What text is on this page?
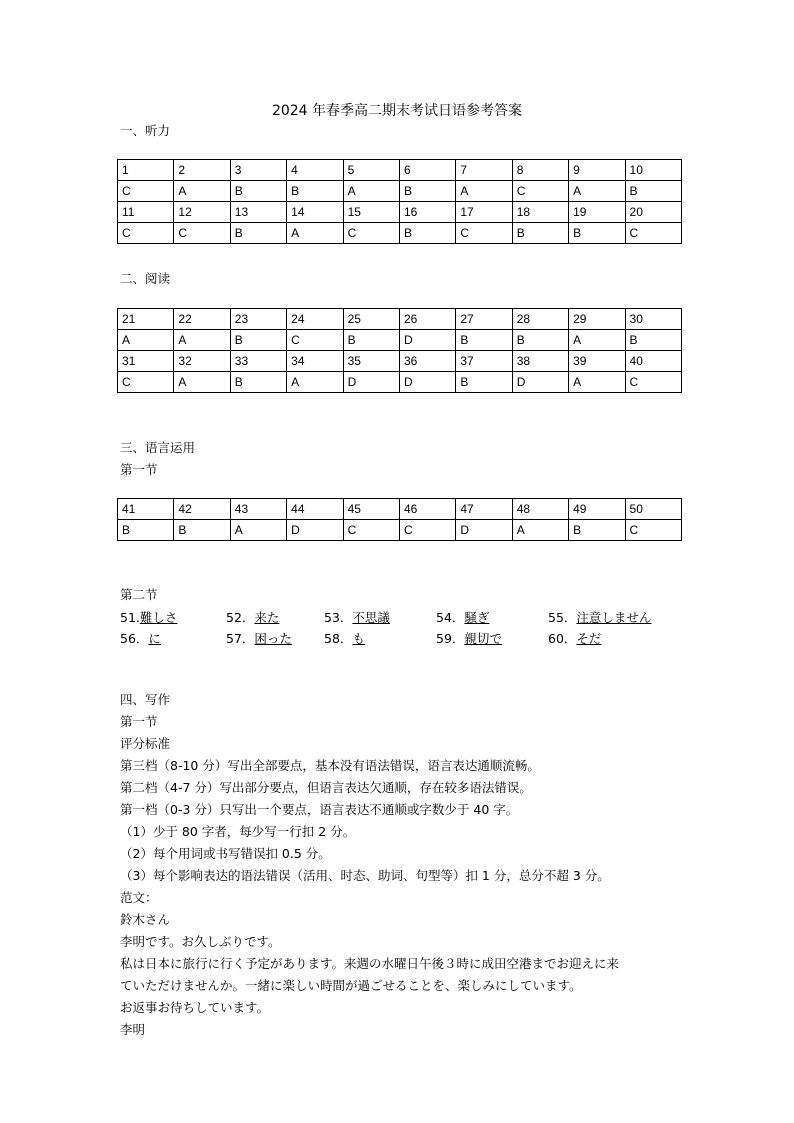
2024 年春季高二期末考试日语参考答案
一、听力
1	2	3	4	5	6	7	8	9	10
C	A	B	B	A	B	A	C	A	B
11	12	13	14	15	16	17	18	19	20
C	C	B	A	C	B	C	B	B	C
二、阅读
21	22	23	24	25	26	27	28	29	30
A	A	B	C	B	D	B	B	A	B
31	32	33	34	35	36	37	38	39	40
C	A	B	A	D	D	B	D	A	C
三、语言运用
第一节
41	42	43	44	45	46	47	48	49	50
B	B	A	D	C	C	D	A	B	C
第二节
51.難しさ	52．来た	53．不思議	54．騒ぎ	55．注意しません
56．に	57．困った	58．も	59．親切で	60．そだ
四、写作
第一节
评分标准
第三档（8-10 分）写出全部要点，基本没有语法错误，语言表达通顺流畅。
第二档（4-7 分）写出部分要点，但语言表达欠通顺，存在较多语法错误。
第一档（0-3 分）只写出一个要点，语言表达不通顺或字数少于 40 字。
（1）少于 80 字者，每少写一行扣 2 分。
（2）每个用词或书写错误扣 0.5 分。
（3）每个影响表达的语法错误（活用、时态、助词、句型等）扣 1 分，总分不超 3 分。
范文：
鈴木さん
李明です。お久しぶりです。
私は日本に旅行に行く予定があります。来週の水曜日午後３時に成田空港までお迎えに来
ていただけませんか。一緒に楽しい時間が過ごせることを、楽しみにしています。
お返事お待ちしています。
李明
